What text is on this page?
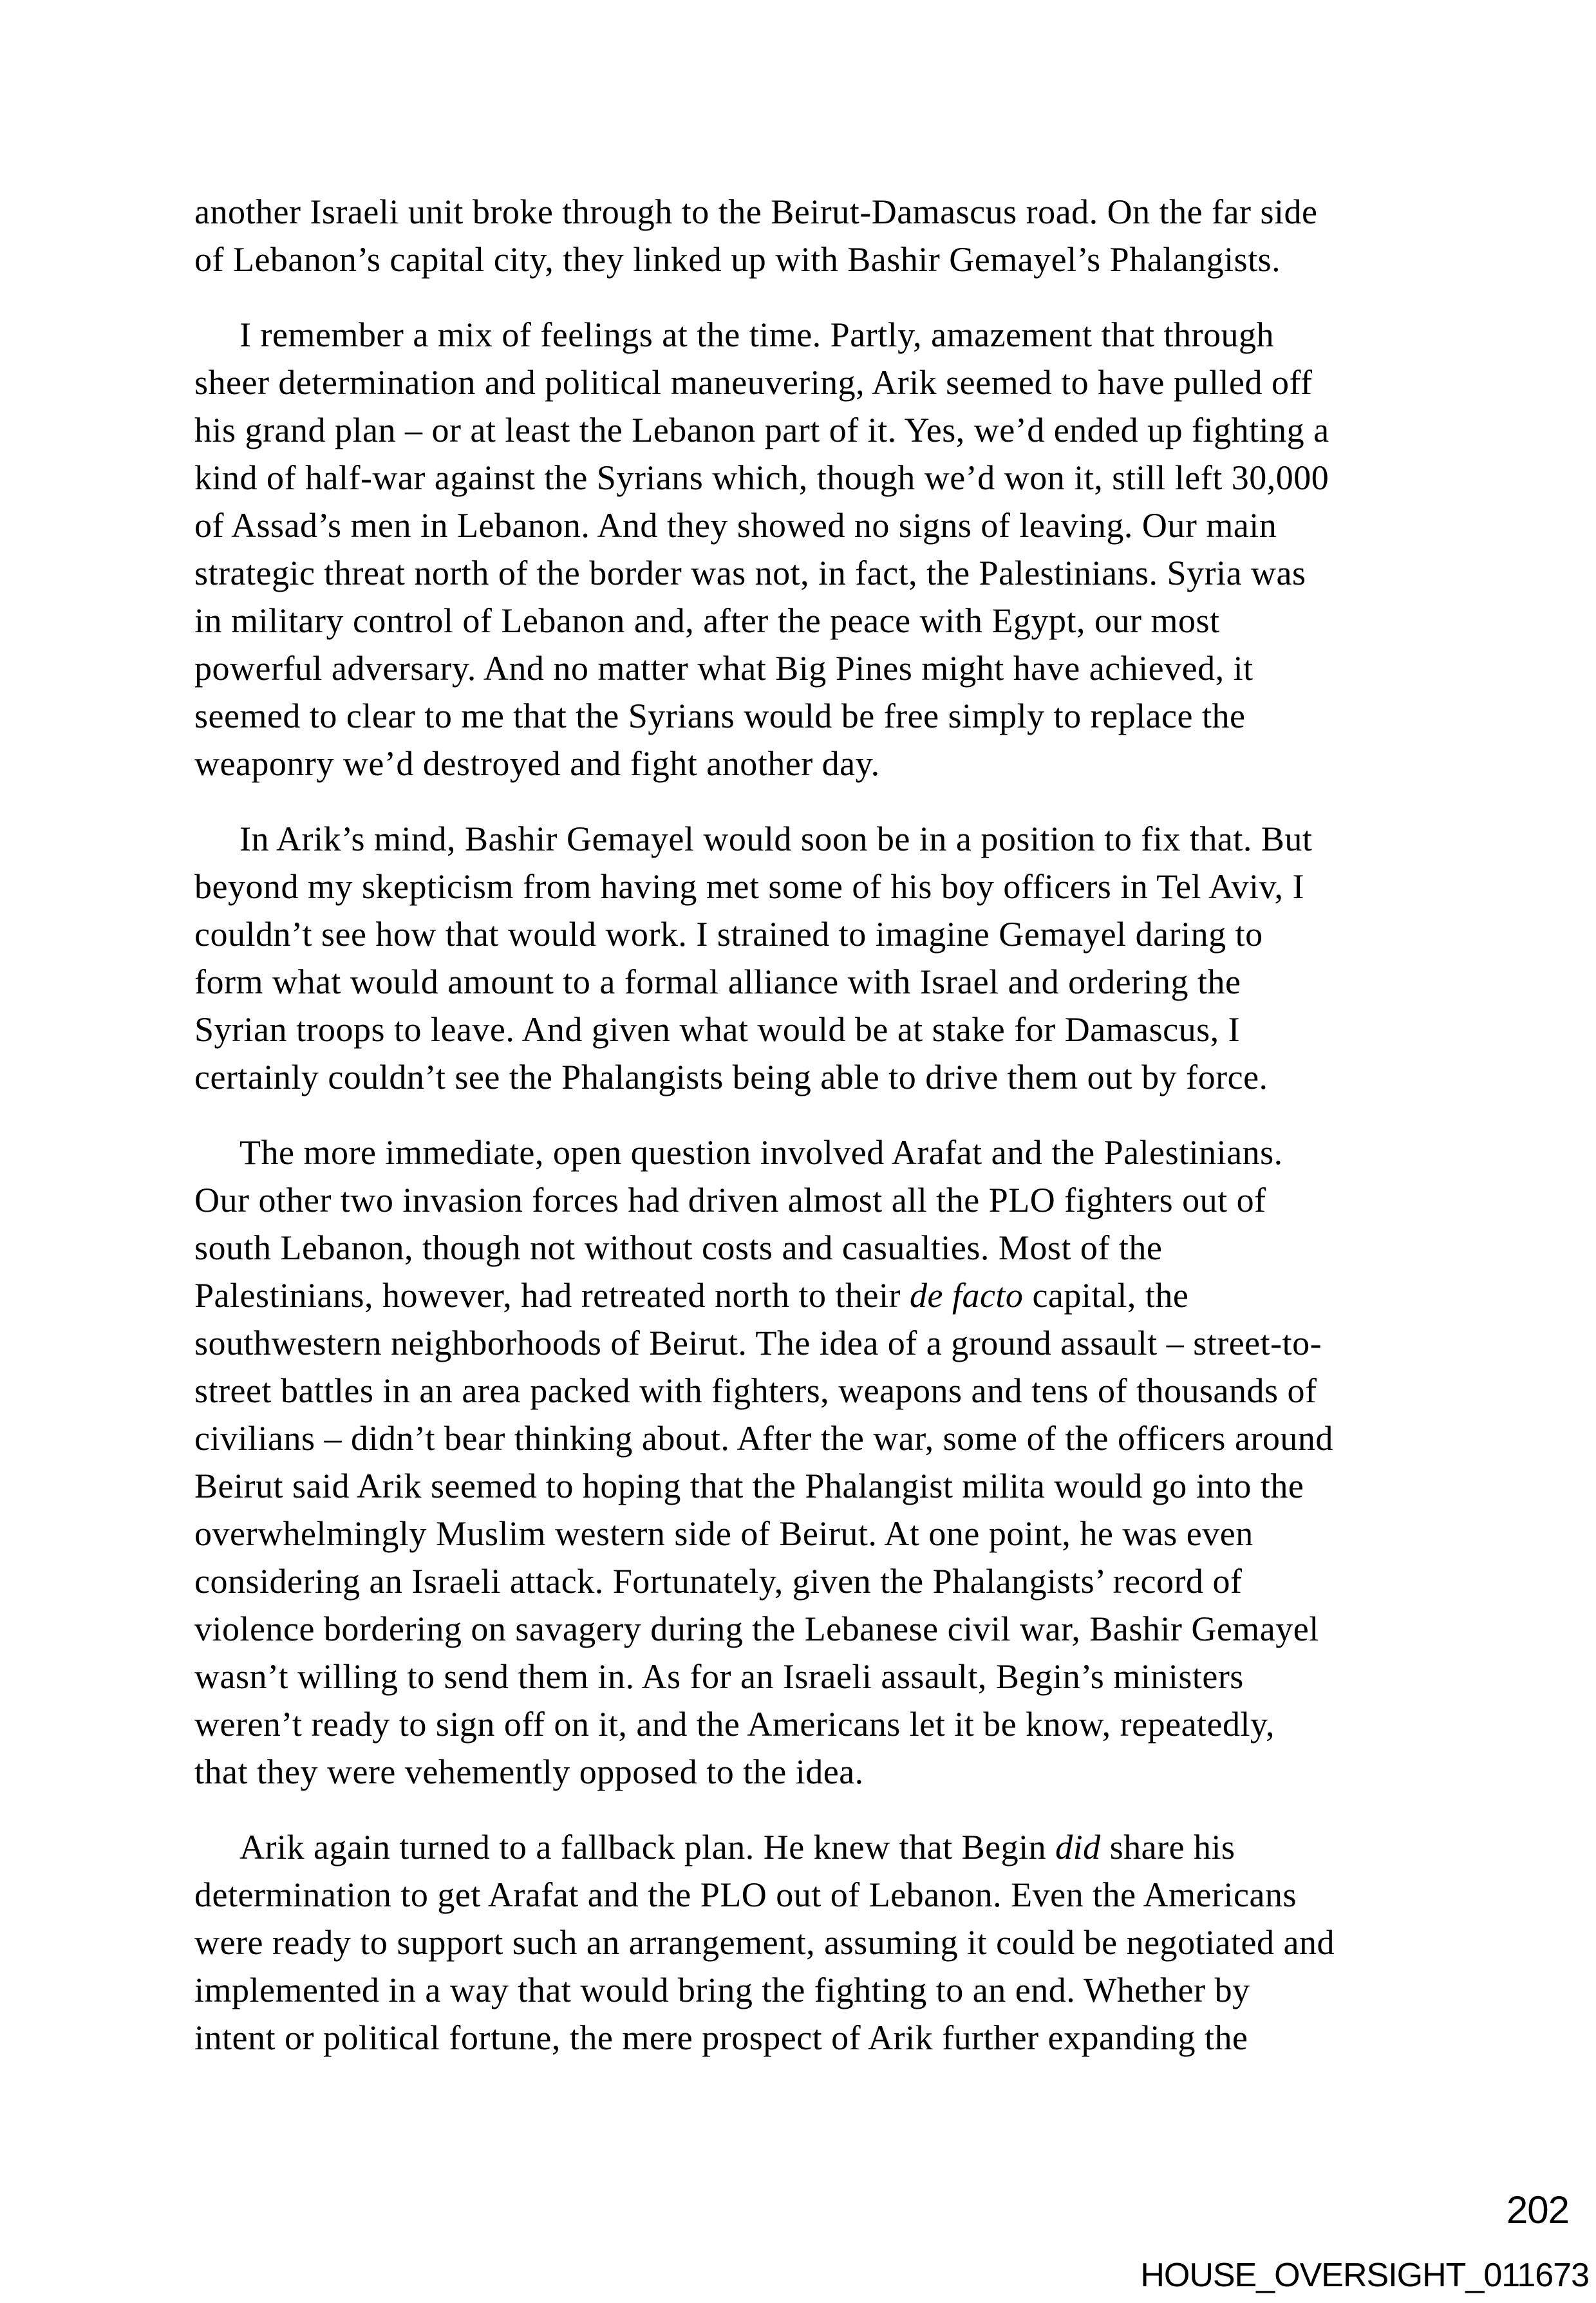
another Israeli unit broke through to the Beirut-Damascus road. On the far side
of Lebanon’s capital city, they linked up with Bashir Gemayel’s Phalangists.
I remember a mix of feelings at the time. Partly, amazement that through
sheer determination and political maneuvering, Arik seemed to have pulled off
his grand plan – or at least the Lebanon part of it. Yes, we’d ended up fighting a
kind of half-war against the Syrians which, though we’d won it, still left 30,000
of Assad’s men in Lebanon. And they showed no signs of leaving. Our main
strategic threat north of the border was not, in fact, the Palestinians. Syria was
in military control of Lebanon and, after the peace with Egypt, our most
powerful adversary. And no matter what Big Pines might have achieved, it
seemed to clear to me that the Syrians would be free simply to replace the
weaponry we’d destroyed and fight another day.
In Arik’s mind, Bashir Gemayel would soon be in a position to fix that. But
beyond my skepticism from having met some of his boy officers in Tel Aviv, I
couldn’t see how that would work. I strained to imagine Gemayel daring to
form what would amount to a formal alliance with Israel and ordering the
Syrian troops to leave. And given what would be at stake for Damascus, I
certainly couldn’t see the Phalangists being able to drive them out by force.
The more immediate, open question involved Arafat and the Palestinians.
Our other two invasion forces had driven almost all the PLO fighters out of
south Lebanon, though not without costs and casualties. Most of the
Palestinians, however, had retreated north to their de facto capital, the
southwestern neighborhoods of Beirut. The idea of a ground assault – street-to-
street battles in an area packed with fighters, weapons and tens of thousands of
civilians – didn’t bear thinking about. After the war, some of the officers around
Beirut said Arik seemed to hoping that the Phalangist milita would go into the
overwhelmingly Muslim western side of Beirut. At one point, he was even
considering an Israeli attack. Fortunately, given the Phalangists’ record of
violence bordering on savagery during the Lebanese civil war, Bashir Gemayel
wasn’t willing to send them in. As for an Israeli assault, Begin’s ministers
weren’t ready to sign off on it, and the Americans let it be know, repeatedly,
that they were vehemently opposed to the idea.
Arik again turned to a fallback plan. He knew that Begin did share his
determination to get Arafat and the PLO out of Lebanon. Even the Americans
were ready to support such an arrangement, assuming it could be negotiated and
implemented in a way that would bring the fighting to an end. Whether by
intent or political fortune, the mere prospect of Arik further expanding the
202
HOUSE_OVERSIGHT_011673
